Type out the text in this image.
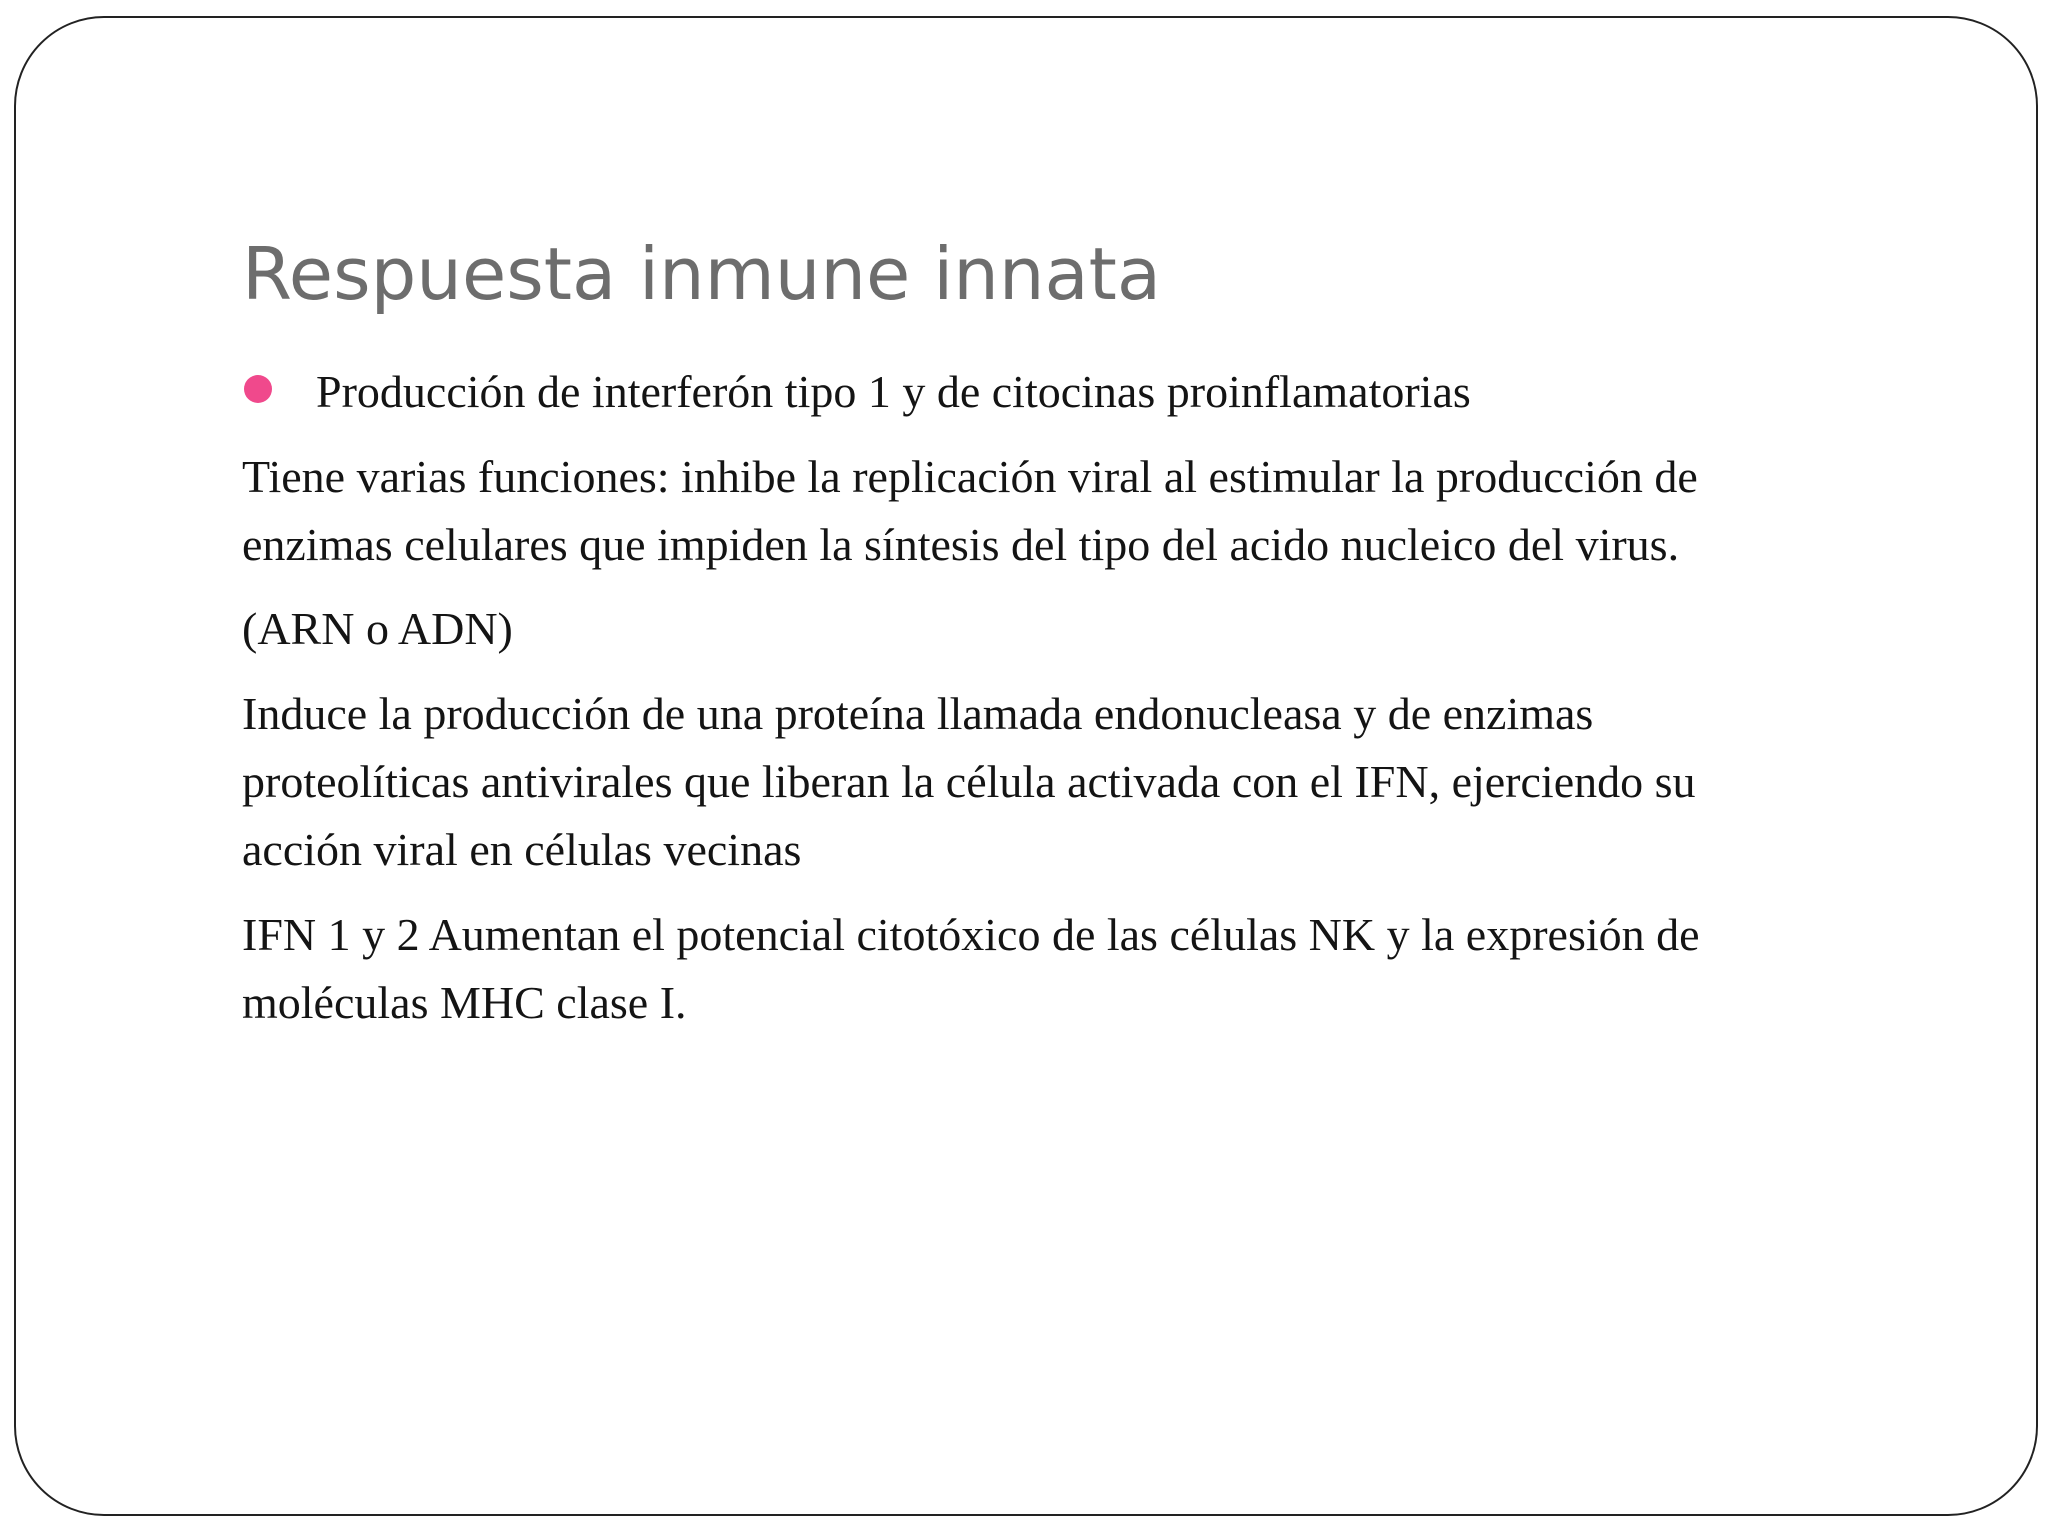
Respuesta inmune innata
Producción de interferón tipo 1 y de citocinas proinflamatorias

Tiene varias funciones: inhibe la replicación viral al estimular la producción de
enzimas celulares que impiden la síntesis del tipo del acido nucleico del virus.
(ARN o ADN)

Induce la producción de una proteína llamada endonucleasa y de enzimas
proteolíticas antivirales que liberan la célula activada con el IFN, ejerciendo su
acción viral en células vecinas

IFN 1 y 2 Aumentan el potencial citotóxico de las células NK y la expresión de
moléculas MHC clase I.
